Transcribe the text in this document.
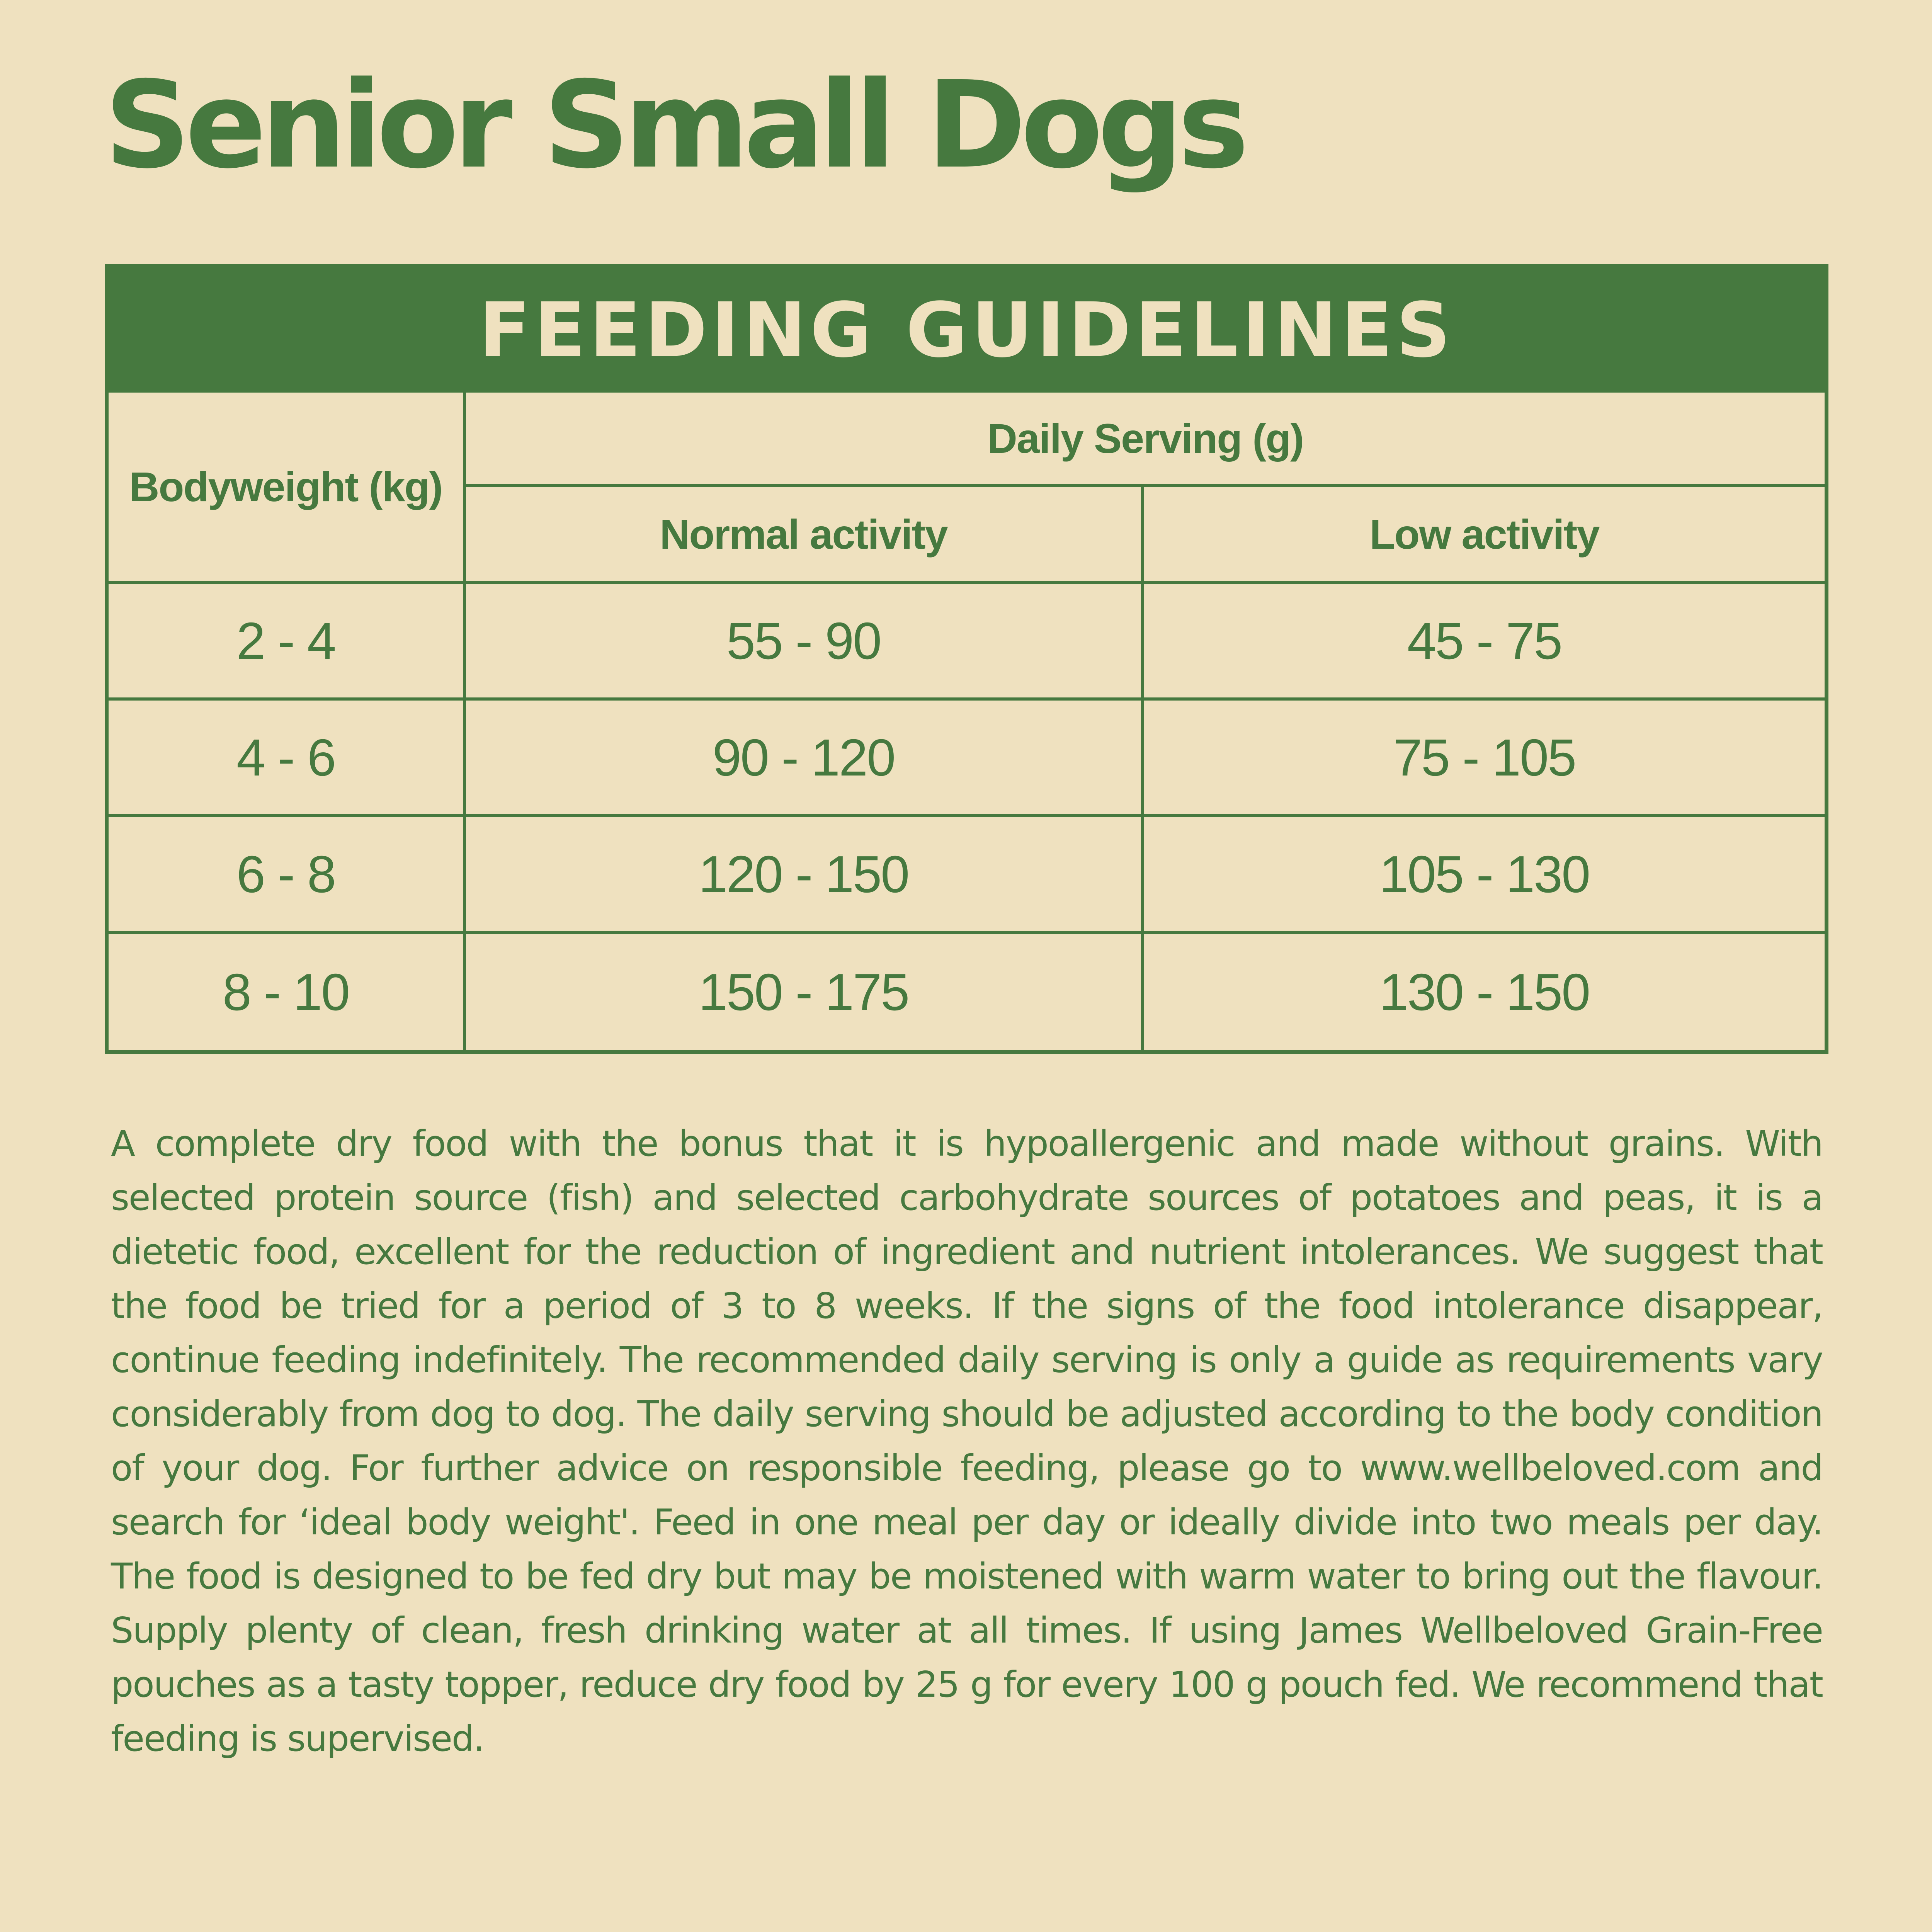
Senior Small Dogs
FEEDING GUIDELINES
Bodyweight (kg)
Daily Serving (g)
Normal activity	Low activity
2 - 4	55 - 90	45 - 75
4 - 6	90 - 120	75 - 105
6 - 8	120 - 150	105 - 130
8 - 10	150 - 175	130 - 150

A complete dry food with the bonus that it is hypoallergenic and made without grains. With selected protein source (fish) and selected carbohydrate sources of potatoes and peas, it is a dietetic food, excellent for the reduction of ingredient and nutrient intolerances. We suggest that the food be tried for a period of 3 to 8 weeks. If the signs of the food intolerance disappear, continue feeding indefinitely. The recommended daily serving is only a guide as requirements vary considerably from dog to dog. The daily serving should be adjusted according to the body condition of your dog. For further advice on responsible feeding, please go to www.wellbeloved.com and search for ‘ideal body weight'. Feed in one meal per day or ideally divide into two meals per day. The food is designed to be fed dry but may be moistened with warm water to bring out the flavour. Supply plenty of clean, fresh drinking water at all times. If using James Wellbeloved Grain-Free pouches as a tasty topper, reduce dry food by 25 g for every 100 g pouch fed. We recommend that feeding is supervised.
